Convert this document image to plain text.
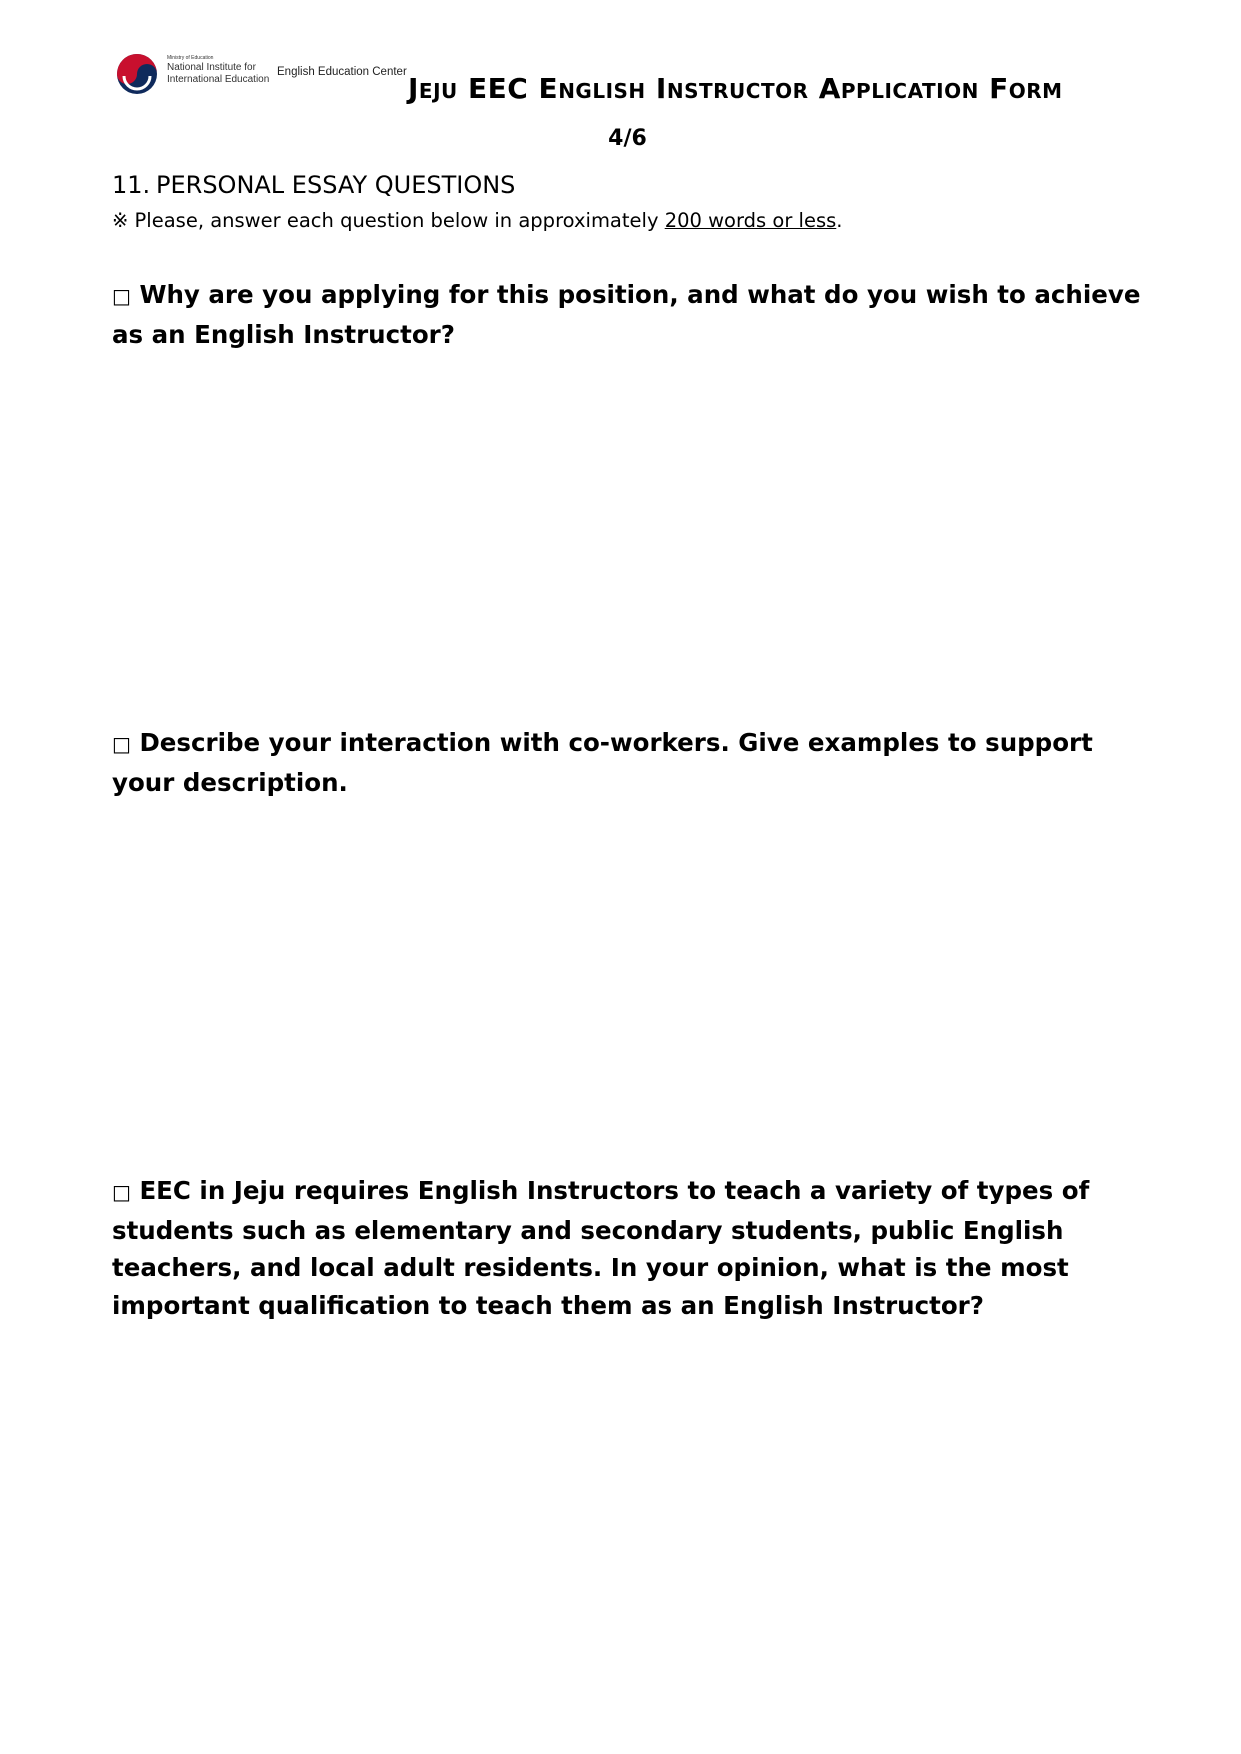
Ministry of Education
National Institute for
International Education
English Education Center Jeju EEC English Instructor Application Form
4/6
11. PERSONAL ESSAY QUESTIONS
※ Please, answer each question below in approximately 200 words or less.

□ Why are you applying for this position, and what do you wish to achieve as an English Instructor?

□ Describe your interaction with co-workers. Give examples to support your description.

□ EEC in Jeju requires English Instructors to teach a variety of types of students such as elementary and secondary students, public English teachers, and local adult residents. In your opinion, what is the most important qualification to teach them as an English Instructor?
